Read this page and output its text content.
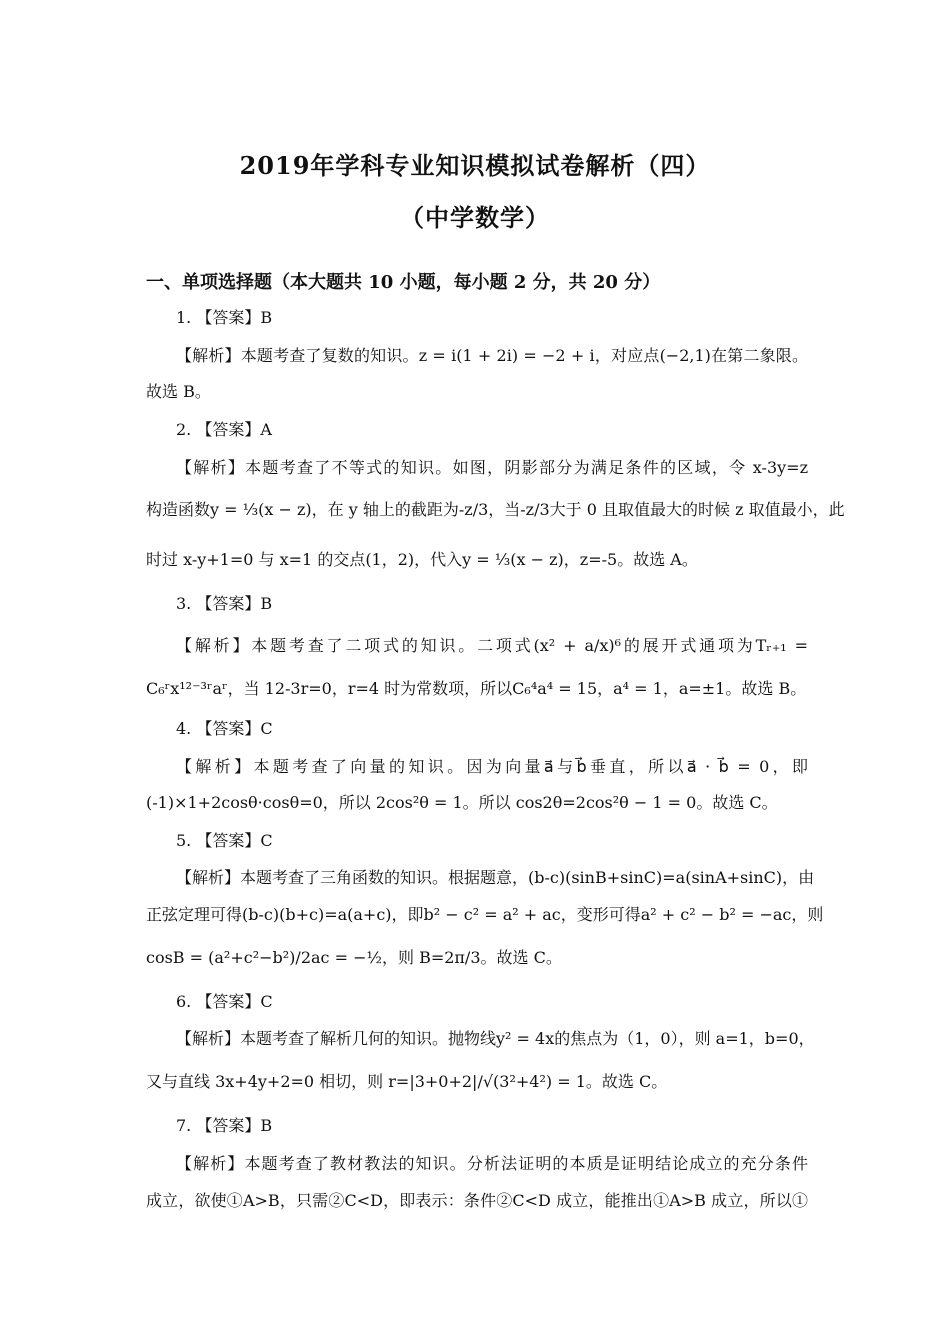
2019年学科专业知识模拟试卷解析（四）
（中学数学）
一、单项选择题（本大题共 10 小题，每小题 2 分，共 20 分）
1. 【答案】B
【解析】本题考查了复数的知识。z = i(1 + 2i) = −2 + i，对应点(−2,1)在第二象限。
故选 B。
2. 【答案】A
【解析】本题考查了不等式的知识。如图，阴影部分为满足条件的区域，令 x-3y=z
构造函数y = ⅓(x − z)，在 y 轴上的截距为-z/3，当-z/3大于 0 且取值最大的时候 z 取值最小，此
时过 x-y+1=0 与 x=1 的交点(1，2)，代入y = ⅓(x − z)，z=-5。故选 A。
3. 【答案】B
【解析】本题考查了二项式的知识。二项式(x² + a/x)⁶的展开式通项为Tᵣ₊₁ =
C₆ʳx¹²⁻³ʳaʳ，当 12-3r=0，r=4 时为常数项，所以C₆⁴a⁴ = 15，a⁴ = 1，a=±1。故选 B。
4. 【答案】C
【解析】本题考查了向量的知识。因为向量a⃗与b⃗垂直，所以a⃗ · b⃗ = 0，即
(-1)×1+2cosθ·cosθ=0，所以 2cos²θ = 1。所以 cos2θ=2cos²θ − 1 = 0。故选 C。
5. 【答案】C
【解析】本题考查了三角函数的知识。根据题意，(b-c)(sinB+sinC)=a(sinA+sinC)，由
正弦定理可得(b-c)(b+c)=a(a+c)，即b² − c² = a² + ac，变形可得a² + c² − b² = −ac，则
cosB = (a²+c²−b²)/2ac = −½，则 B=2π/3。故选 C。
6. 【答案】C
【解析】本题考查了解析几何的知识。抛物线y² = 4x的焦点为（1，0），则 a=1，b=0，
又与直线 3x+4y+2=0 相切，则 r=|3+0+2|/√(3²+4²) = 1。故选 C。
7. 【答案】B
【解析】本题考查了教材教法的知识。分析法证明的本质是证明结论成立的充分条件
成立，欲使①A>B，只需②C<D，即表示：条件②C<D 成立，能推出①A>B 成立，所以①
